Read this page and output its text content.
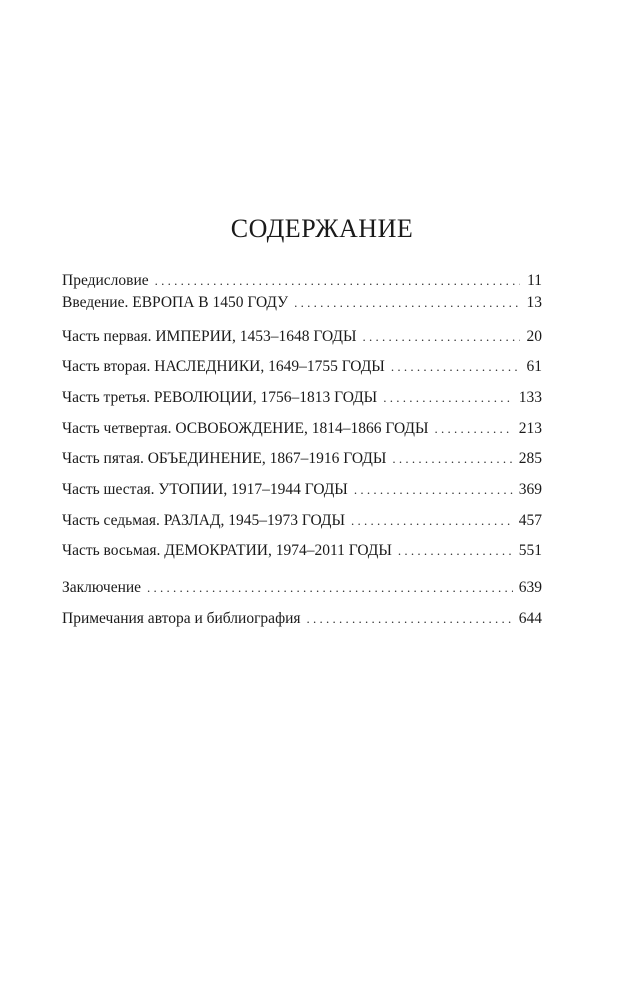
СОДЕРЖАНИЕ
Предисловие . . .	11
Введение. ЕВРОПА В 1450 ГОДУ . . .	13
Часть первая. ИМПЕРИИ, 1453–1648 ГОДЫ . . .	20
Часть вторая. НАСЛЕДНИКИ, 1649–1755 ГОДЫ . . .	61
Часть третья. РЕВОЛЮЦИИ, 1756–1813 ГОДЫ . . .	133
Часть четвертая. ОСВОБОЖДЕНИЕ, 1814–1866 ГОДЫ . . .	213
Часть пятая. ОБЪЕДИНЕНИЕ, 1867–1916 ГОДЫ . . .	285
Часть шестая. УТОПИИ, 1917–1944 ГОДЫ . . .	369
Часть седьмая. РАЗЛАД, 1945–1973 ГОДЫ . . .	457
Часть восьмая. ДЕМОКРАТИИ, 1974–2011 ГОДЫ . . .	551
Заключение . . .	639
Примечания автора и библиография . . .	644
